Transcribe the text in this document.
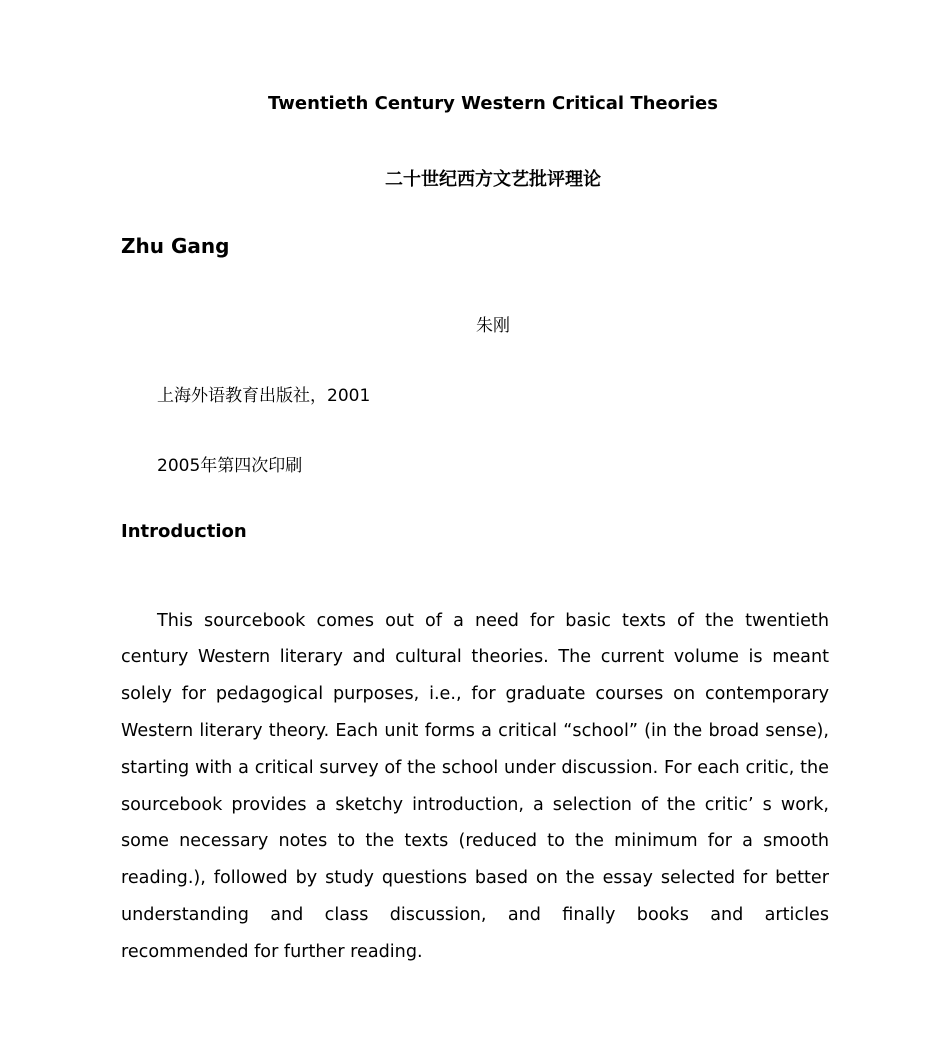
Twentieth Century Western Critical Theories
二十世纪西方文艺批评理论
Zhu Gang
朱刚
上海外语教育出版社，2001
2005年第四次印刷
Introduction

This sourcebook comes out of a need for basic texts of the twentieth century Western literary and cultural theories. The current volume is meant solely for pedagogical purposes, i.e., for graduate courses on contemporary Western literary theory. Each unit forms a critical “school” (in the broad sense), starting with a critical survey of the school under discussion. For each critic, the sourcebook provides a sketchy introduction, a selection of the critic’ s work, some necessary notes to the texts (reduced to the minimum for a smooth reading.), followed by study questions based on the essay selected for better understanding and class discussion, and finally books and articles recommended for further reading.
